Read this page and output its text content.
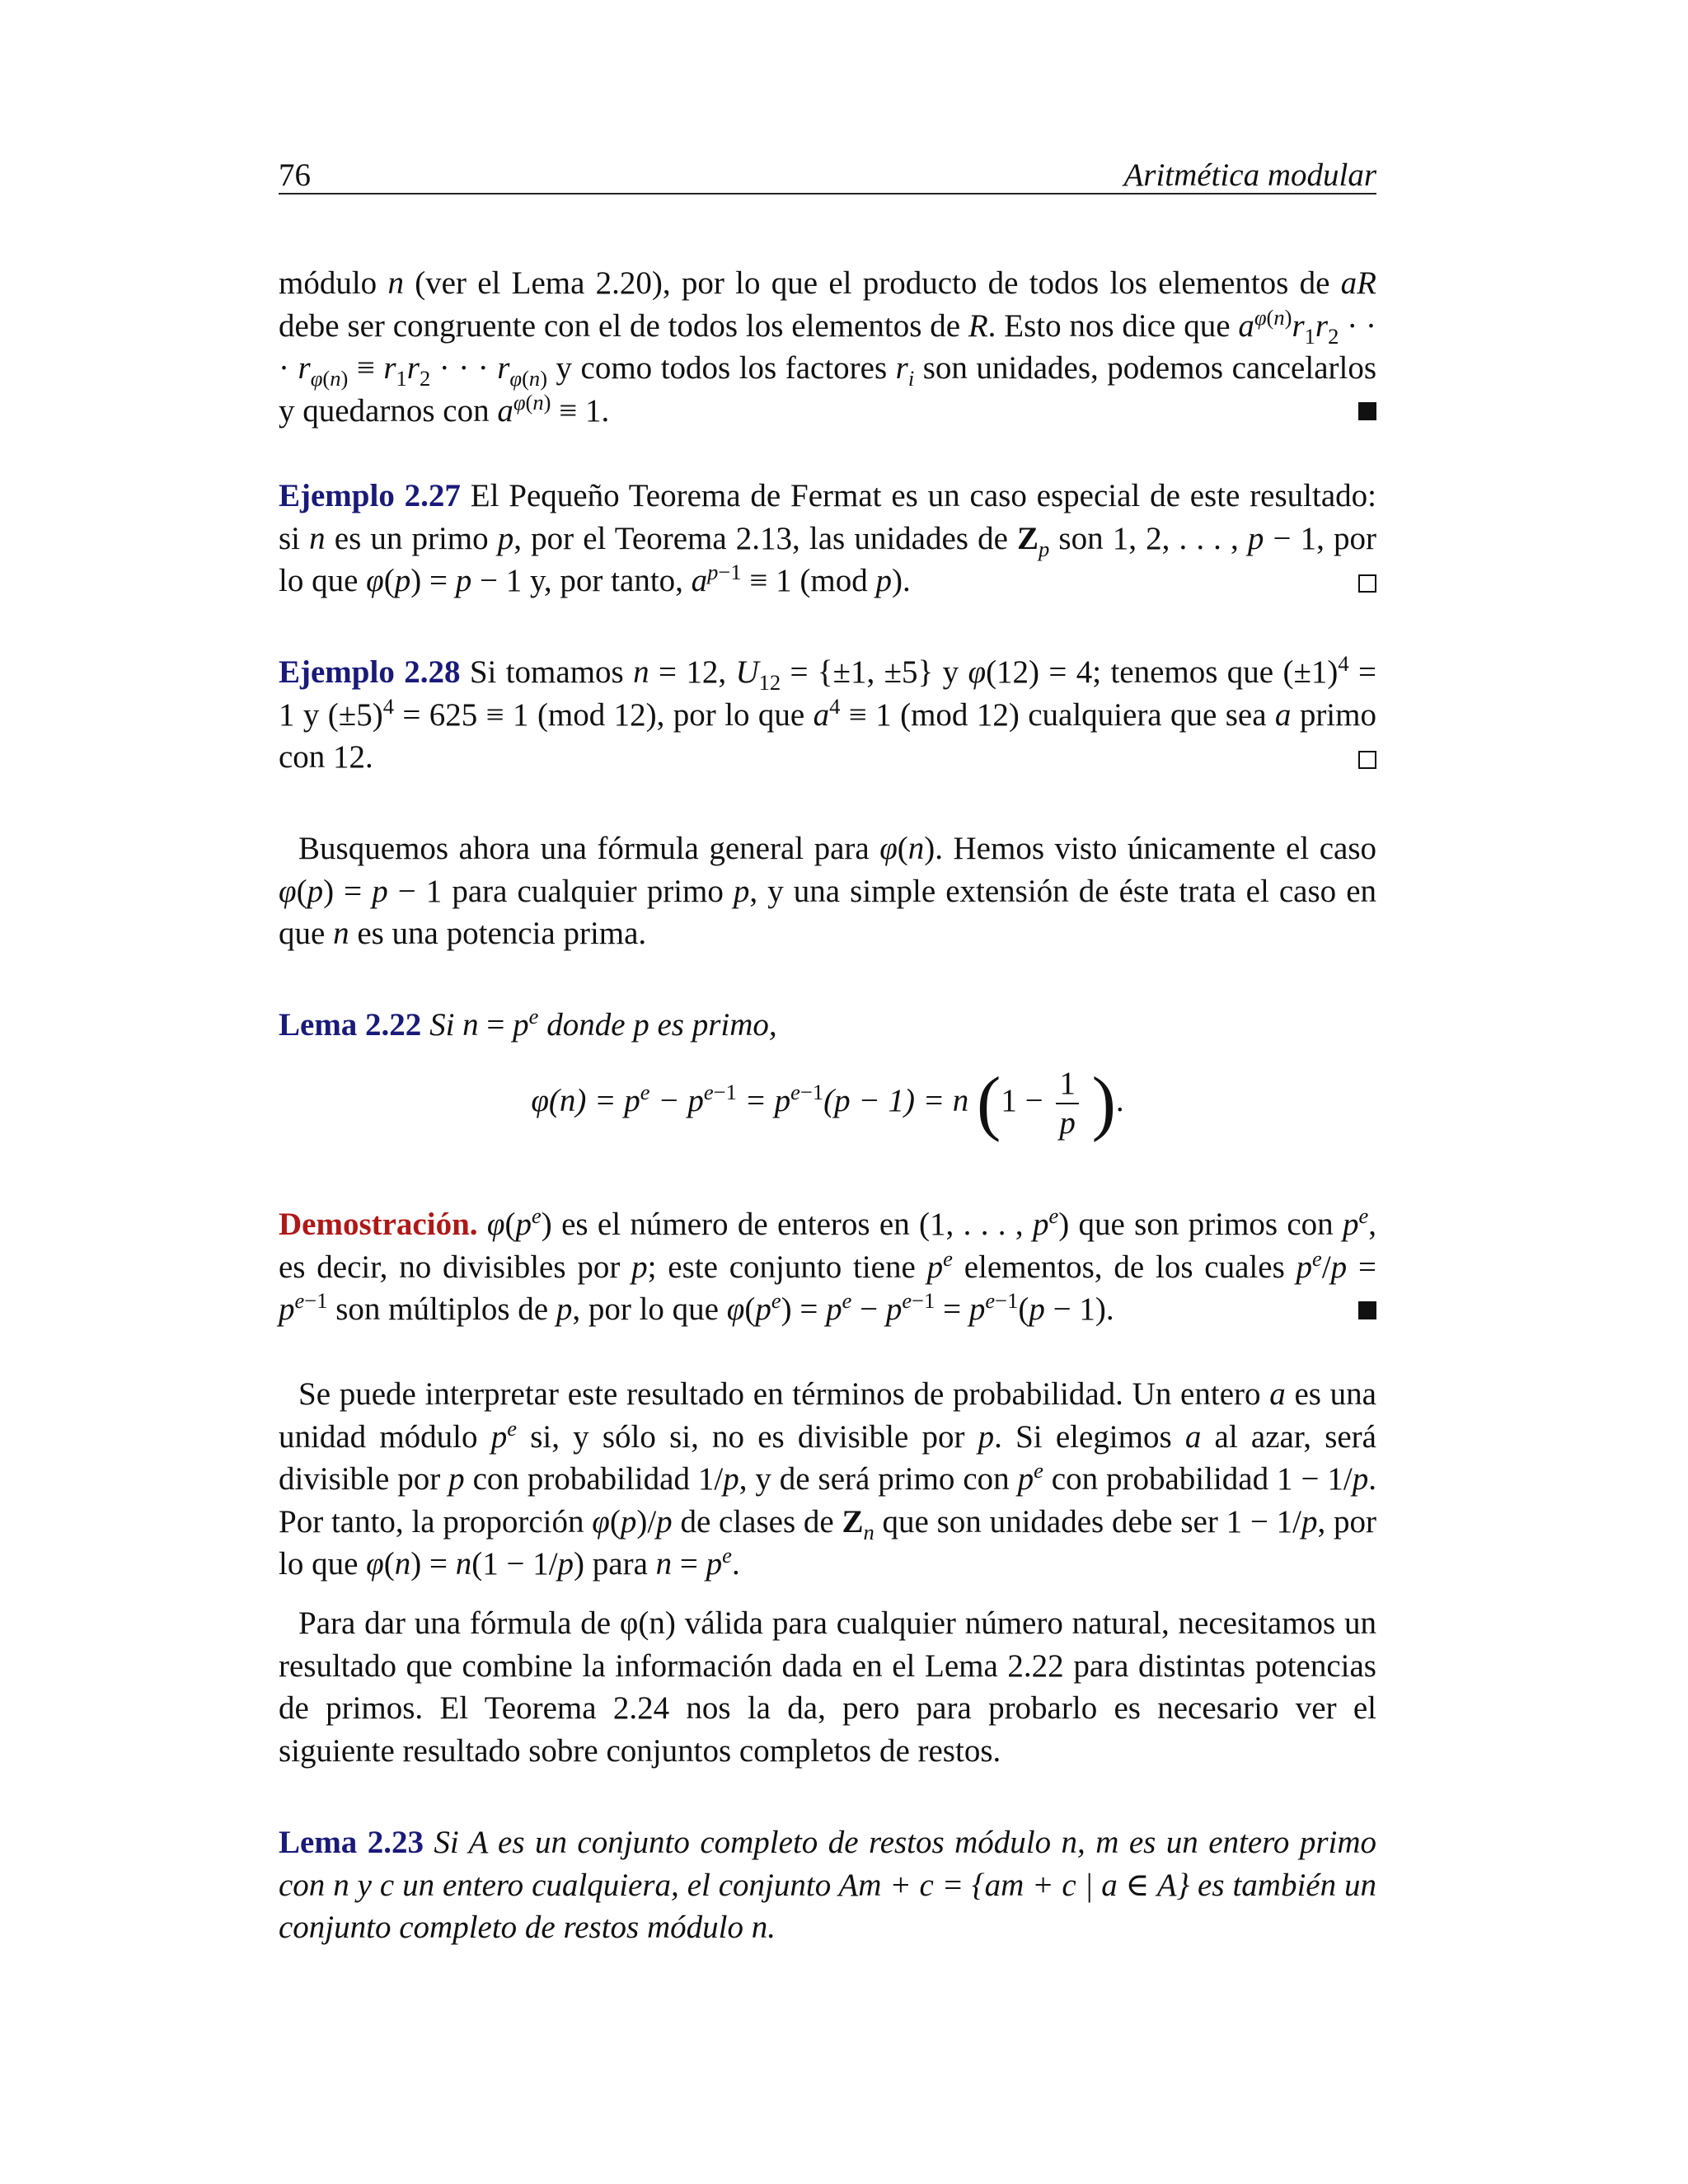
76	Aritmética modular

módulo n (ver el Lema 2.20), por lo que el producto de todos los elementos de aR debe ser congruente con el de todos los elementos de R. Esto nos dice que $a^{\varphi(n)}r_1r_2$ · · · $r_{\varphi(n)} \equiv r_1r_2$ · · · $r_{\varphi(n)}$ y como todos los factores $r_i$ son unidades, podemos cancelarlos y quedarnos con $a^{\varphi(n)} \equiv 1$.

Ejemplo 2.27 El Pequeño Teorema de Fermat es un caso especial de este resultado: si n es un primo p, por el Teorema 2.13, las unidades de $Z_p$ son 1, 2, . . . , p − 1, por lo que φ(p) = p − 1 y, por tanto, $a^{p-1} \equiv 1$ (mod p).

Ejemplo 2.28 Si tomamos n = 12, $U_{12} = \{\pm 1$, ±5} y φ(12) = 4; tenemos que $(\pm 1)^4 = 1$ y $(\pm 5)^4 = 625 \equiv 1$ (mod 12), por lo que $a^4 \equiv 1$ (mod 12) cualquiera que sea a primo con 12.

Busquemos ahora una fórmula general para φ(n). Hemos visto únicamente el caso φ(p) = p − 1 para cualquier primo p, y una simple extensión de éste trata el caso en que n es una potencia prima.

Lema 2.22 Si $n = p^e$ donde p es primo,

$\varphi(n) = p^e - p^{e-1} = p^{e-1}(p - 1) = n$ ($1 - \frac{1}{p}$ ).

Demostración. $\varphi(p^e)$ es el número de enteros en (1, . . . , $p^e$) que son primos con $p^e$, es decir, no divisibles por p; este conjunto tiene $p^e$ elementos, de los cuales $p^e/p = p^{e-1}$ son múltiplos de p, por lo que $\varphi(p^e) = p^e - p^{e-1} = p^{e-1}(p - 1)$.

Se puede interpretar este resultado en términos de probabilidad. Un entero a es una unidad módulo $p^e$ si, y sólo si, no es divisible por p. Si elegimos a al azar, será divisible por p con probabilidad 1/p, y de será primo con $p^e$ con probabilidad 1 − 1/p. Por tanto, la proporción φ(p)/p de clases de $Z_n$ que son unidades debe ser 1 − 1/p, por lo que φ(n) = n(1 − 1/p) para $n = p^e$.

Para dar una fórmula de φ(n) válida para cualquier número natural, necesitamos un resultado que combine la información dada en el Lema 2.22 para distintas potencias de primos. El Teorema 2.24 nos la da, pero para probarlo es necesario ver el siguiente resultado sobre conjuntos completos de restos.

Lema 2.23 Si A es un conjunto completo de restos módulo n, m es un entero primo con n y c un entero cualquiera, el conjunto Am + c = {am + c | a ∈ A} es también un conjunto completo de restos módulo n.
